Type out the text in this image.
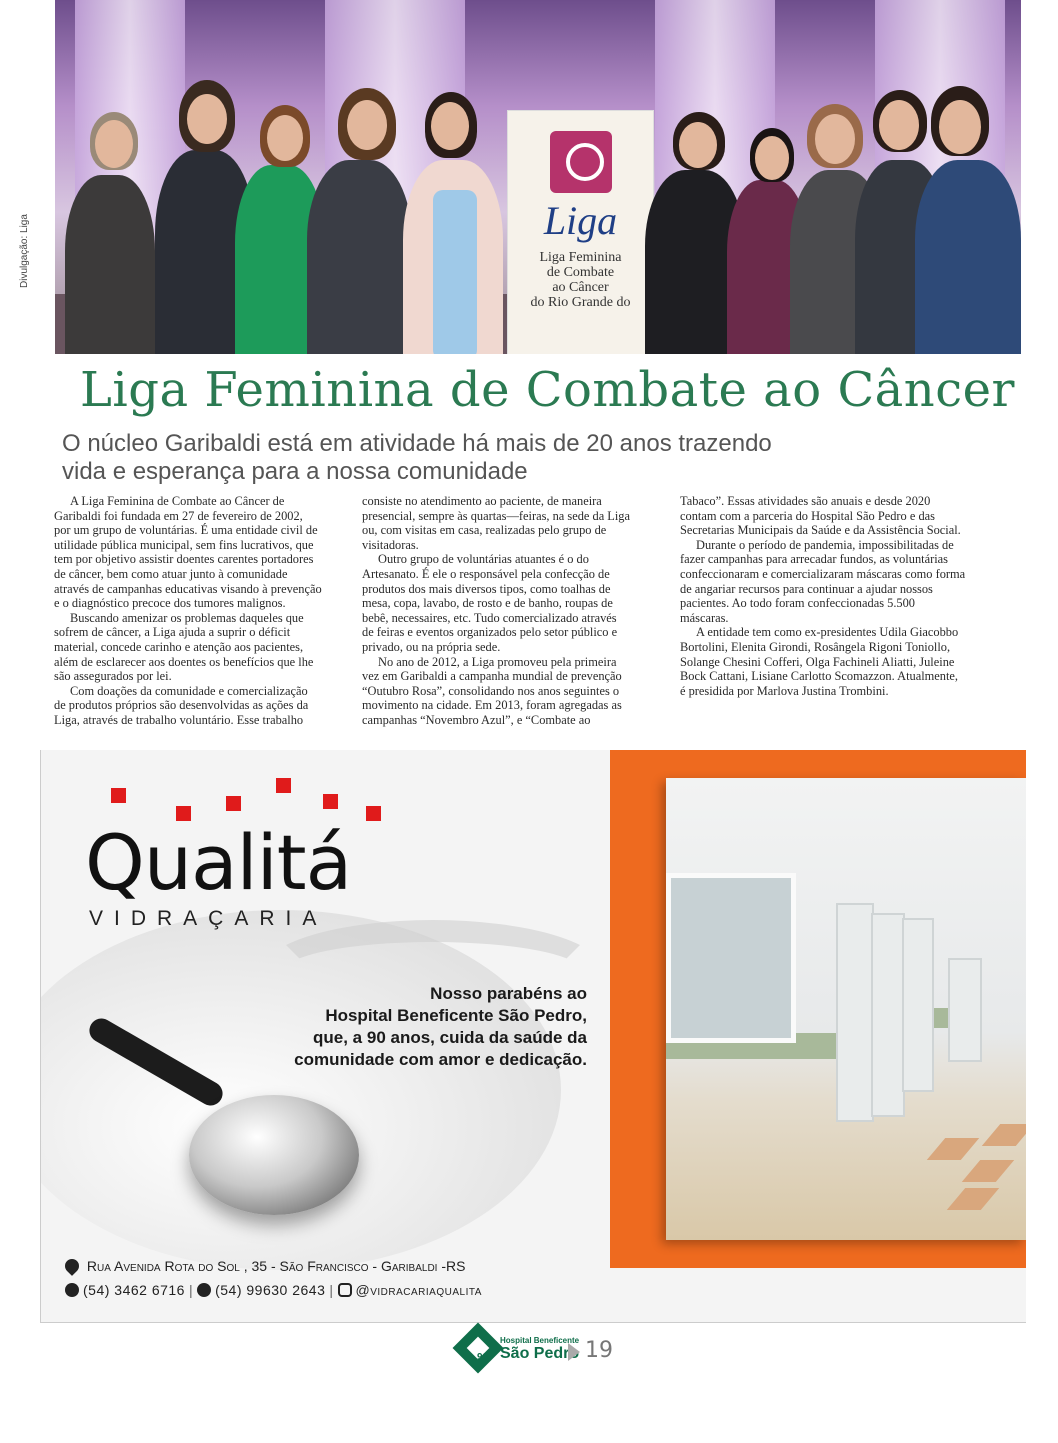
Liga
Liga Feminina
de Combate
ao Câncer
do Rio Grande do
Divulgação: Liga
Liga Feminina de Combate ao Câncer
O núcleo Garibaldi está em atividade há mais de 20 anos trazendo vida e esperança para a nossa comunidade

A Liga Feminina de Combate ao Câncer de Garibaldi foi fundada em 27 de fevereiro de 2002, por um grupo de voluntárias. É uma entidade civil de utilidade pública municipal, sem fins lucrativos, que tem por objetivo assistir doentes carentes portadores de câncer, bem como atuar junto à comunidade através de campanhas educativas visando à prevenção e o diagnóstico precoce dos tumores malignos.

Buscando amenizar os problemas daqueles que sofrem de câncer, a Liga ajuda a suprir o déficit material, concede carinho e atenção aos pacientes, além de esclarecer aos doentes os benefícios que lhe são assegurados por lei.

Com doações da comunidade e comercialização de produtos próprios são desenvolvidas as ações da Liga, através de trabalho voluntário. Esse trabalho

consiste no atendimento ao paciente, de maneira presencial, sempre às quartas—feiras, na sede da Liga ou, com visitas em casa, realizadas pelo grupo de visitadoras.

Outro grupo de voluntárias atuantes é o do Artesanato. É ele o responsável pela confecção de produtos dos mais diversos tipos, como toalhas de mesa, copa, lavabo, de rosto e de banho, roupas de bebê, necessaires, etc. Tudo comercializado através de feiras e eventos organizados pelo setor público e privado, ou na própria sede.

No ano de 2012, a Liga promoveu pela primeira vez em Garibaldi a campanha mundial de prevenção “Outubro Rosa”, consolidando nos anos seguintes o movimento na cidade. Em 2013, foram agregadas as campanhas “Novembro Azul”, e “Combate ao

Tabaco”. Essas atividades são anuais e desde 2020 contam com a parceria do Hospital São Pedro e das Secretarias Municipais da Saúde e da Assistência Social.

Durante o período de pandemia, impossibilitadas de fazer campanhas para arrecadar fundos, as voluntárias confeccionaram e comercializaram máscaras como forma de angariar recursos para continuar a ajudar nossos pacientes. Ao todo foram confeccionadas 5.500 máscaras.

A entidade tem como ex-presidentes Udila Giacobbo Bortolini, Elenita Girondi, Rosângela Rigoni Toniollo, Solange Chesini Cofferi, Olga Fachineli Aliatti, Juleine Bock Cattani, Lisiane Carlotto Scomazzon. Atualmente, é presidida por Marlova Justina Trombini.

Qualitá
VIDRAÇARIA
Nosso parabéns ao
Hospital Beneficente São Pedro,
que, a 90 anos, cuida da saúde da
comunidade com amor e dedicação.
Rua Avenida Rota do Sol , 35 - São Francisco - Garibaldi -RS
(54) 3462 6716 | (54) 99630 2643 | @vidracariaqualita
Hospital Beneficente
São Pedro
90	19
